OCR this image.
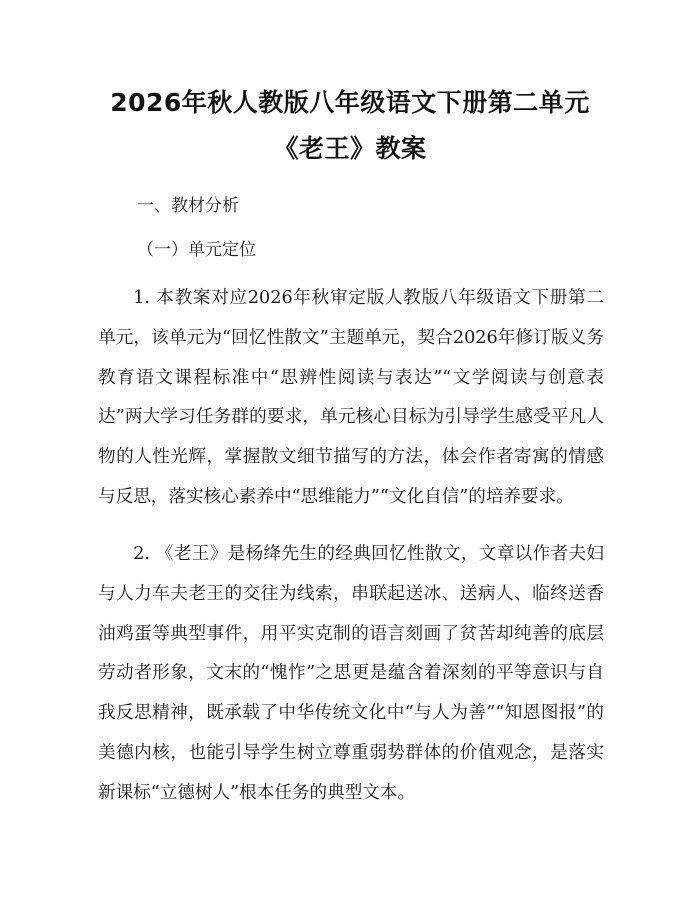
2026年秋人教版八年级语文下册第二单元
《老王》教案
一、教材分析
（一）单元定位

1. 本教案对应2026年秋审定版人教版八年级语文下册第二单元，该单元为“回忆性散文”主题单元，契合2026年修订版义务教育语文课程标准中“思辨性阅读与表达”“文学阅读与创意表达”两大学习任务群的要求，单元核心目标为引导学生感受平凡人物的人性光辉，掌握散文细节描写的方法，体会作者寄寓的情感与反思，落实核心素养中“思维能力”“文化自信”的培养要求。

2. 《老王》是杨绛先生的经典回忆性散文，文章以作者夫妇与人力车夫老王的交往为线索，串联起送冰、送病人、临终送香油鸡蛋等典型事件，用平实克制的语言刻画了贫苦却纯善的底层劳动者形象，文末的“愧怍”之思更是蕴含着深刻的平等意识与自我反思精神，既承载了中华传统文化中“与人为善”“知恩图报”的美德内核，也能引导学生树立尊重弱势群体的价值观念，是落实新课标“立德树人”根本任务的典型文本。
